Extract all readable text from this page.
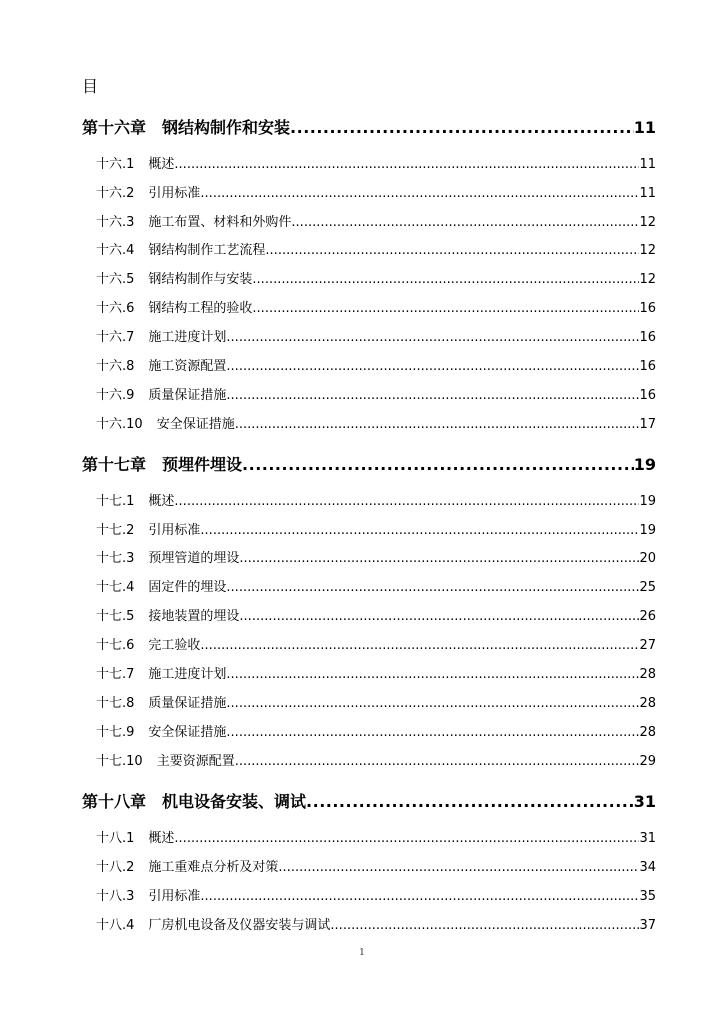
目
第十六章 钢结构制作和安装 .....	11
十六.1 概述 .....	11
十六.2 引用标准 .....	11
十六.3 施工布置、材料和外购件 .....	12
十六.4 钢结构制作工艺流程 .....	12
十六.5 钢结构制作与安装 .....	12
十六.6 钢结构工程的验收 .....	16
十六.7 施工进度计划 .....	16
十六.8 施工资源配置 .....	16
十六.9 质量保证措施 .....	16
十六.10 安全保证措施 .....	17
第十七章 预埋件埋设 .....	19
十七.1 概述 .....	19
十七.2 引用标准 .....	19
十七.3 预埋管道的埋设 .....	20
十七.4 固定件的埋设 .....	25
十七.5 接地装置的埋设 .....	26
十七.6 完工验收 .....	27
十七.7 施工进度计划 .....	28
十七.8 质量保证措施 .....	28
十七.9 安全保证措施 .....	28
十七.10 主要资源配置 .....	29
第十八章 机电设备安装、调试 .....	31
十八.1 概述 .....	31
十八.2 施工重难点分析及对策 .....	34
十八.3 引用标准 .....	35
十八.4 厂房机电设备及仪器安装与调试 .....	37
1
